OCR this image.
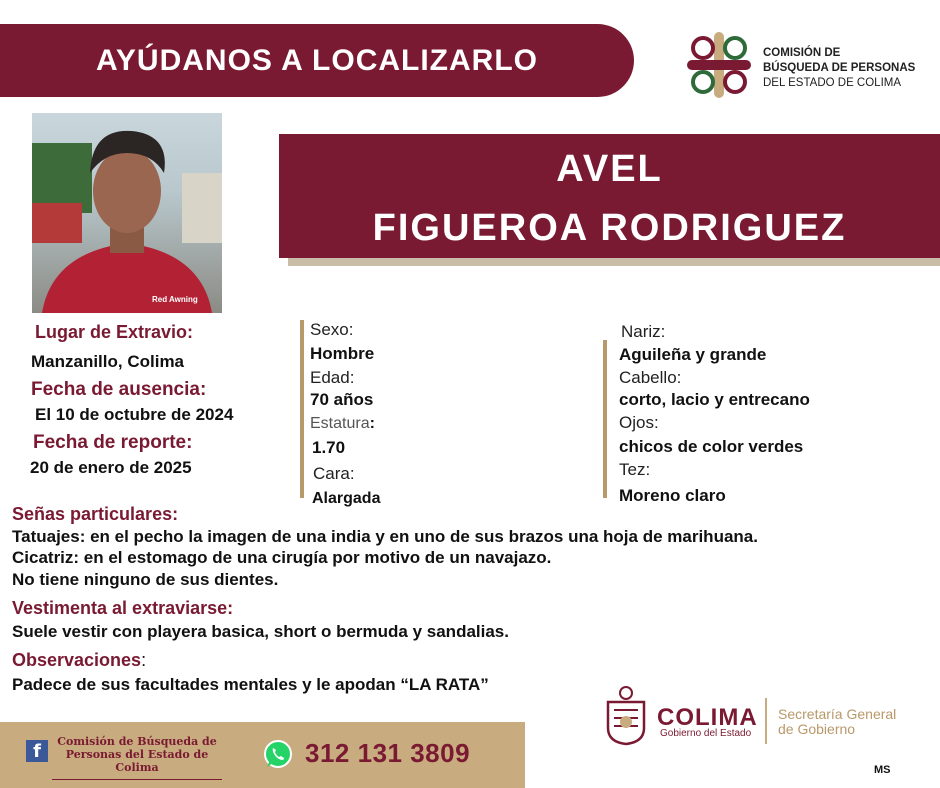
AYÚDANOS A LOCALIZARLO	COMISIÓN DE
BÚSQUEDA DE PERSONAS
DEL ESTADO DE COLIMA
Red Awning
AVEL
FIGUEROA RODRIGUEZ
Lugar de Extravio:
Manzanillo, Colima
Fecha de ausencia:
El 10 de octubre de 2024
Fecha de reporte:
20 de enero de 2025
Sexo:
Hombre
Edad:
70 años
Estatura:
1.70
Cara:
Alargada
Nariz:
Aguileña y grande
Cabello:
corto, lacio y entrecano
Ojos:
chicos de color verdes
Tez:
Moreno claro
Señas particulares:
Tatuajes: en el pecho la imagen de una india y en uno de sus brazos una hoja de marihuana.
Cicatriz: en el estomago de una cirugía por motivo de un navajazo.
No tiene ninguno de sus dientes.
Vestimenta al extraviarse:
Suele vestir con playera basica, short o bermuda y sandalias.
Observaciones:
Padece de sus facultades mentales y le apodan “LA RATA”
f	Comisión de Búsqueda de
Personas del Estado de
Colima	312 131 3809
COLIMA
Gobierno del Estado
Secretaría General
de Gobierno
MS
